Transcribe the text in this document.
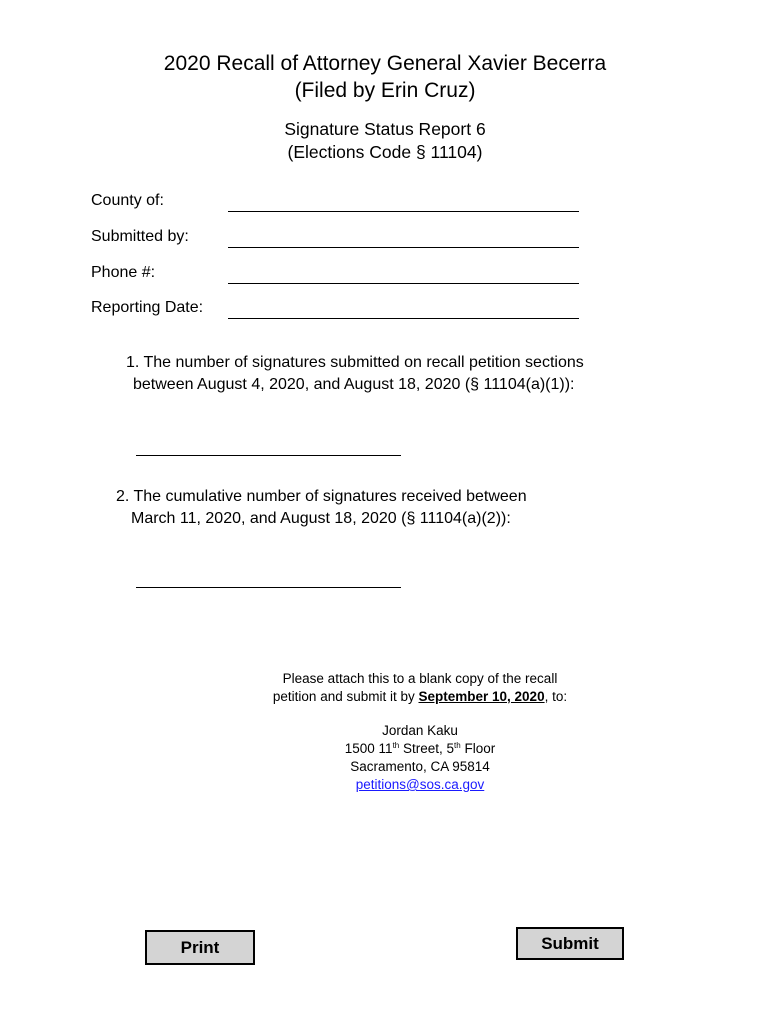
2020 Recall of Attorney General Xavier Becerra
(Filed by Erin Cruz)
Signature Status Report 6
(Elections Code § 11104)
County of:
Submitted by:
Phone #:
Reporting Date:
1. The number of signatures submitted on recall petition sections
between August 4, 2020, and August 18, 2020 (§ 11104(a)(1)):
2. The cumulative number of signatures received between
March 11, 2020, and August 18, 2020 (§ 11104(a)(2)):
Please attach this to a blank copy of the recall
petition and submit it by September 10, 2020, to:
Jordan Kaku
1500 11th Street, 5th Floor
Sacramento, CA 95814
petitions@sos.ca.gov
Print	Submit
